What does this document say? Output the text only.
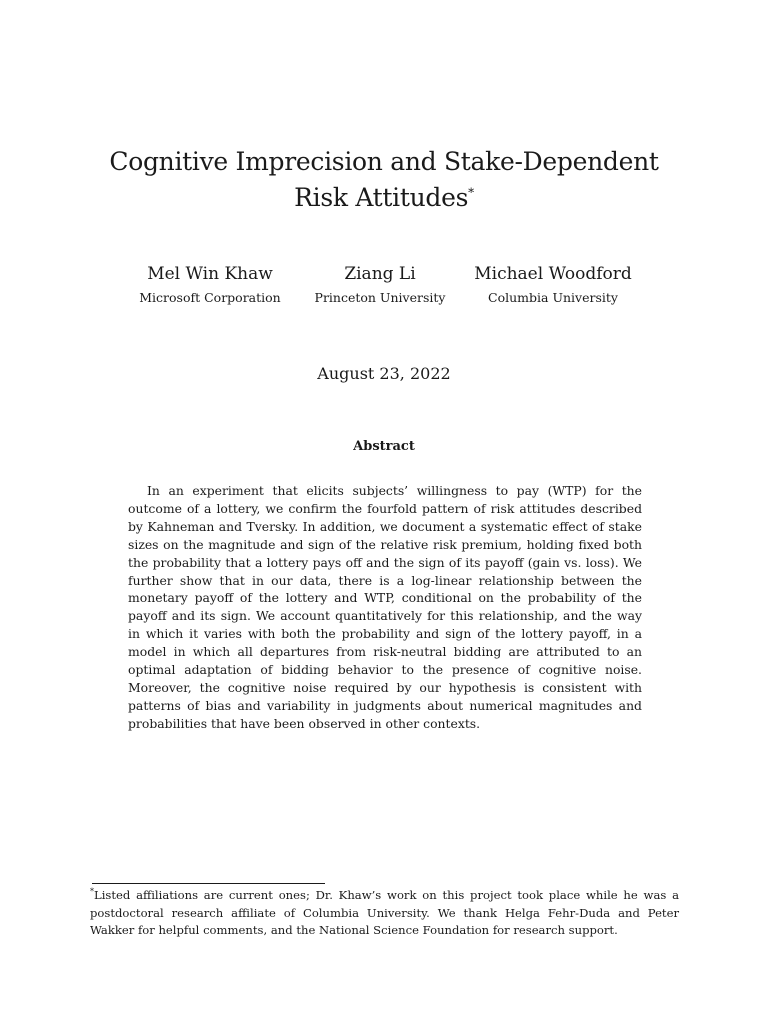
Cognitive Imprecision and Stake-Dependent Risk Attitudes*
Mel Win Khaw
Microsoft Corporation
Ziang Li
Princeton University
Michael Woodford
Columbia University
August 23, 2022
Abstract

In an experiment that elicits subjects’ willingness to pay (WTP) for the outcome of a lottery, we confirm the fourfold pattern of risk attitudes described by Kahneman and Tversky. In addition, we document a systematic effect of stake sizes on the magnitude and sign of the relative risk premium, holding fixed both the probability that a lottery pays off and the sign of its payoff (gain vs. loss). We further show that in our data, there is a log-linear relationship between the monetary payoff of the lottery and WTP, conditional on the probability of the payoff and its sign. We account quantitatively for this relationship, and the way in which it varies with both the probability and sign of the lottery payoff, in a model in which all departures from risk-neutral bidding are attributed to an optimal adaptation of bidding behavior to the presence of cognitive noise. Moreover, the cognitive noise required by our hypothesis is consistent with patterns of bias and variability in judgments about numerical magnitudes and probabilities that have been observed in other contexts.

*Listed affiliations are current ones; Dr. Khaw’s work on this project took place while he was a postdoctoral research affiliate of Columbia University. We thank Helga Fehr-Duda and Peter Wakker for helpful comments, and the National Science Foundation for research support.
